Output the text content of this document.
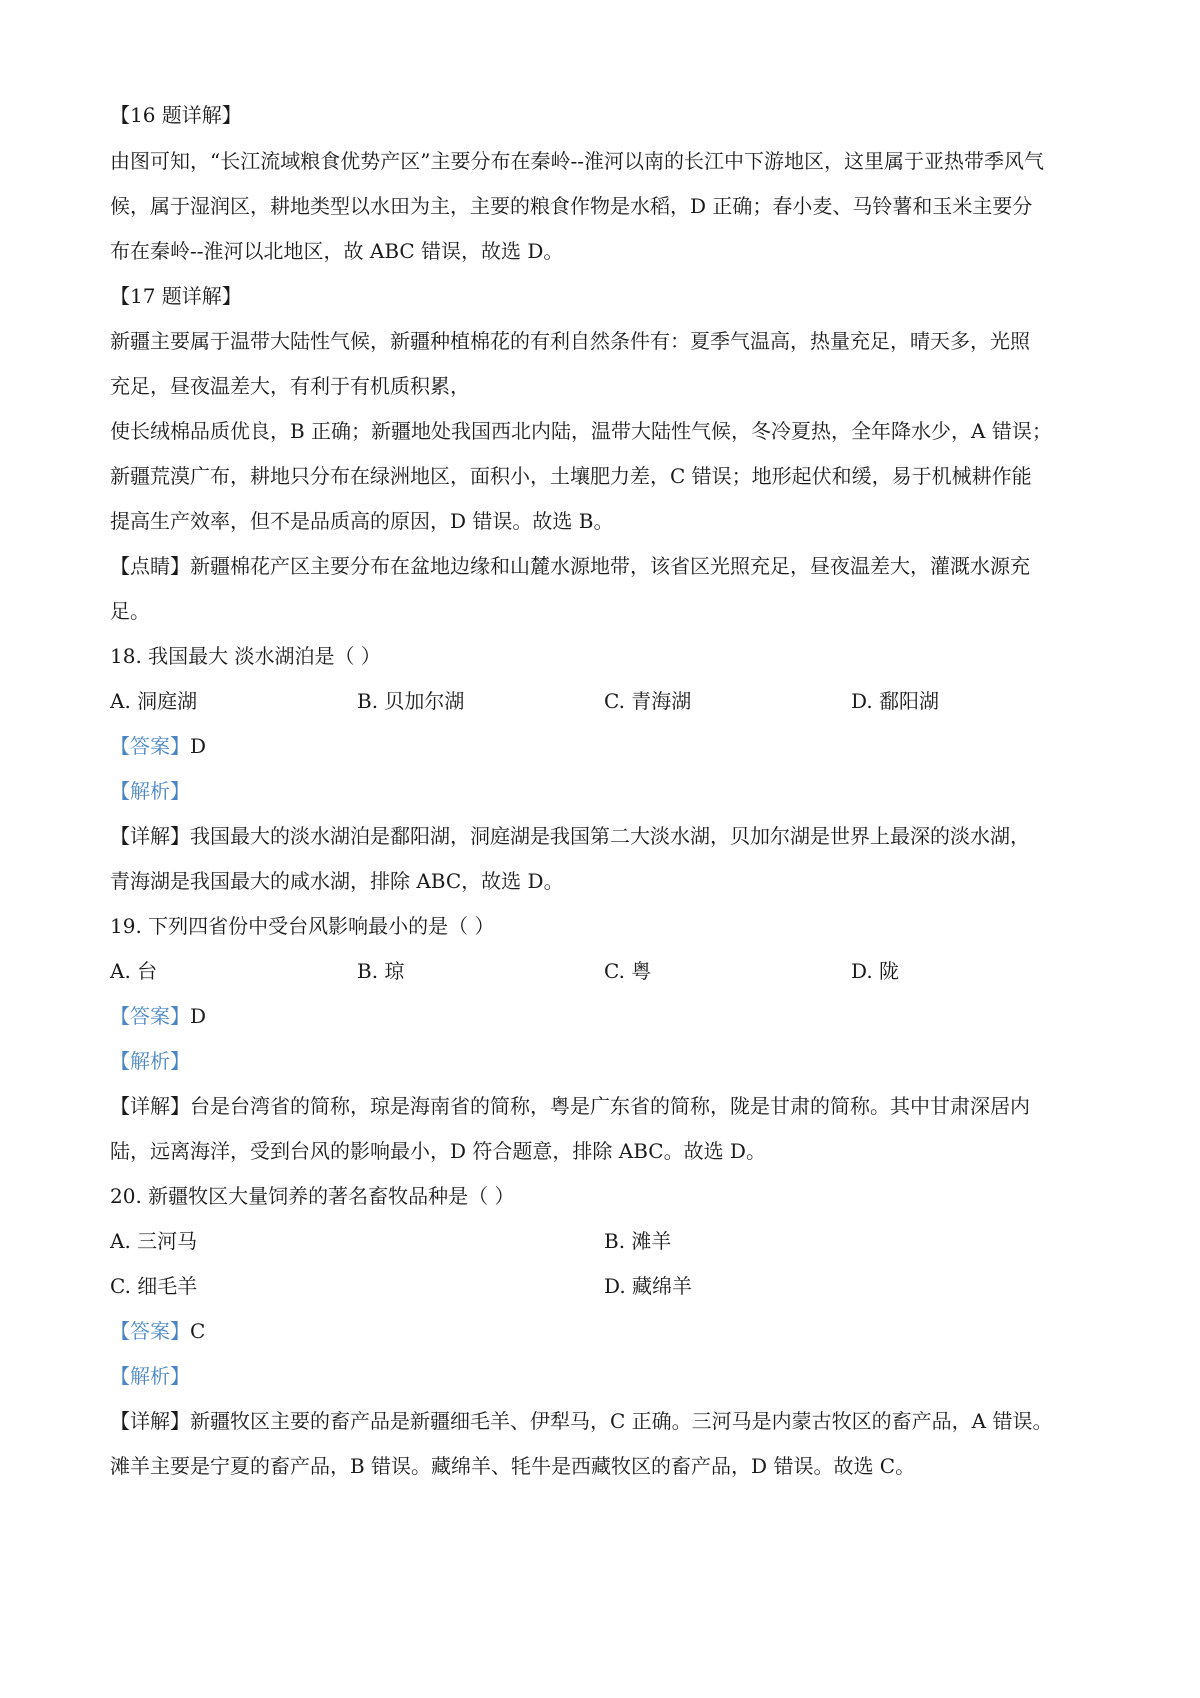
【16 题详解】
由图可知，“长江流域粮食优势产区”主要分布在秦岭--淮河以南的长江中下游地区，这里属于亚热带季风气
候，属于湿润区，耕地类型以水田为主，主要的粮食作物是水稻，D 正确；春小麦、马铃薯和玉米主要分
布在秦岭--淮河以北地区，故 ABC 错误，故选 D。
【17 题详解】
新疆主要属于温带大陆性气候，新疆种植棉花的有利自然条件有：夏季气温高，热量充足，晴天多，光照
充足，昼夜温差大，有利于有机质积累，
使长绒棉品质优良，B 正确；新疆地处我国西北内陆，温带大陆性气候，冬冷夏热，全年降水少，A 错误；
新疆荒漠广布，耕地只分布在绿洲地区，面积小，土壤肥力差，C 错误；地形起伏和缓，易于机械耕作能
提高生产效率，但不是品质高的原因，D 错误。故选 B。
【点睛】新疆棉花产区主要分布在盆地边缘和山麓水源地带，该省区光照充足，昼夜温差大，灌溉水源充
足。
18. 我国最大 淡水湖泊是（ ）
A. 洞庭湖	B. 贝加尔湖	C. 青海湖	D. 鄱阳湖
【答案】D
【解析】
【详解】我国最大的淡水湖泊是鄱阳湖，洞庭湖是我国第二大淡水湖，贝加尔湖是世界上最深的淡水湖，
青海湖是我国最大的咸水湖，排除 ABC，故选 D。
19. 下列四省份中受台风影响最小的是（ ）
A. 台	B. 琼	C. 粤	D. 陇
【答案】D
【解析】
【详解】台是台湾省的简称，琼是海南省的简称，粤是广东省的简称，陇是甘肃的简称。其中甘肃深居内
陆，远离海洋，受到台风的影响最小，D 符合题意，排除 ABC。故选 D。
20. 新疆牧区大量饲养的著名畜牧品种是（ ）
A. 三河马	B. 滩羊
C. 细毛羊	D. 藏绵羊
【答案】C
【解析】
【详解】新疆牧区主要的畜产品是新疆细毛羊、伊犁马，C 正确。三河马是内蒙古牧区的畜产品，A 错误。
滩羊主要是宁夏的畜产品，B 错误。藏绵羊、牦牛是西藏牧区的畜产品，D 错误。故选 C。
